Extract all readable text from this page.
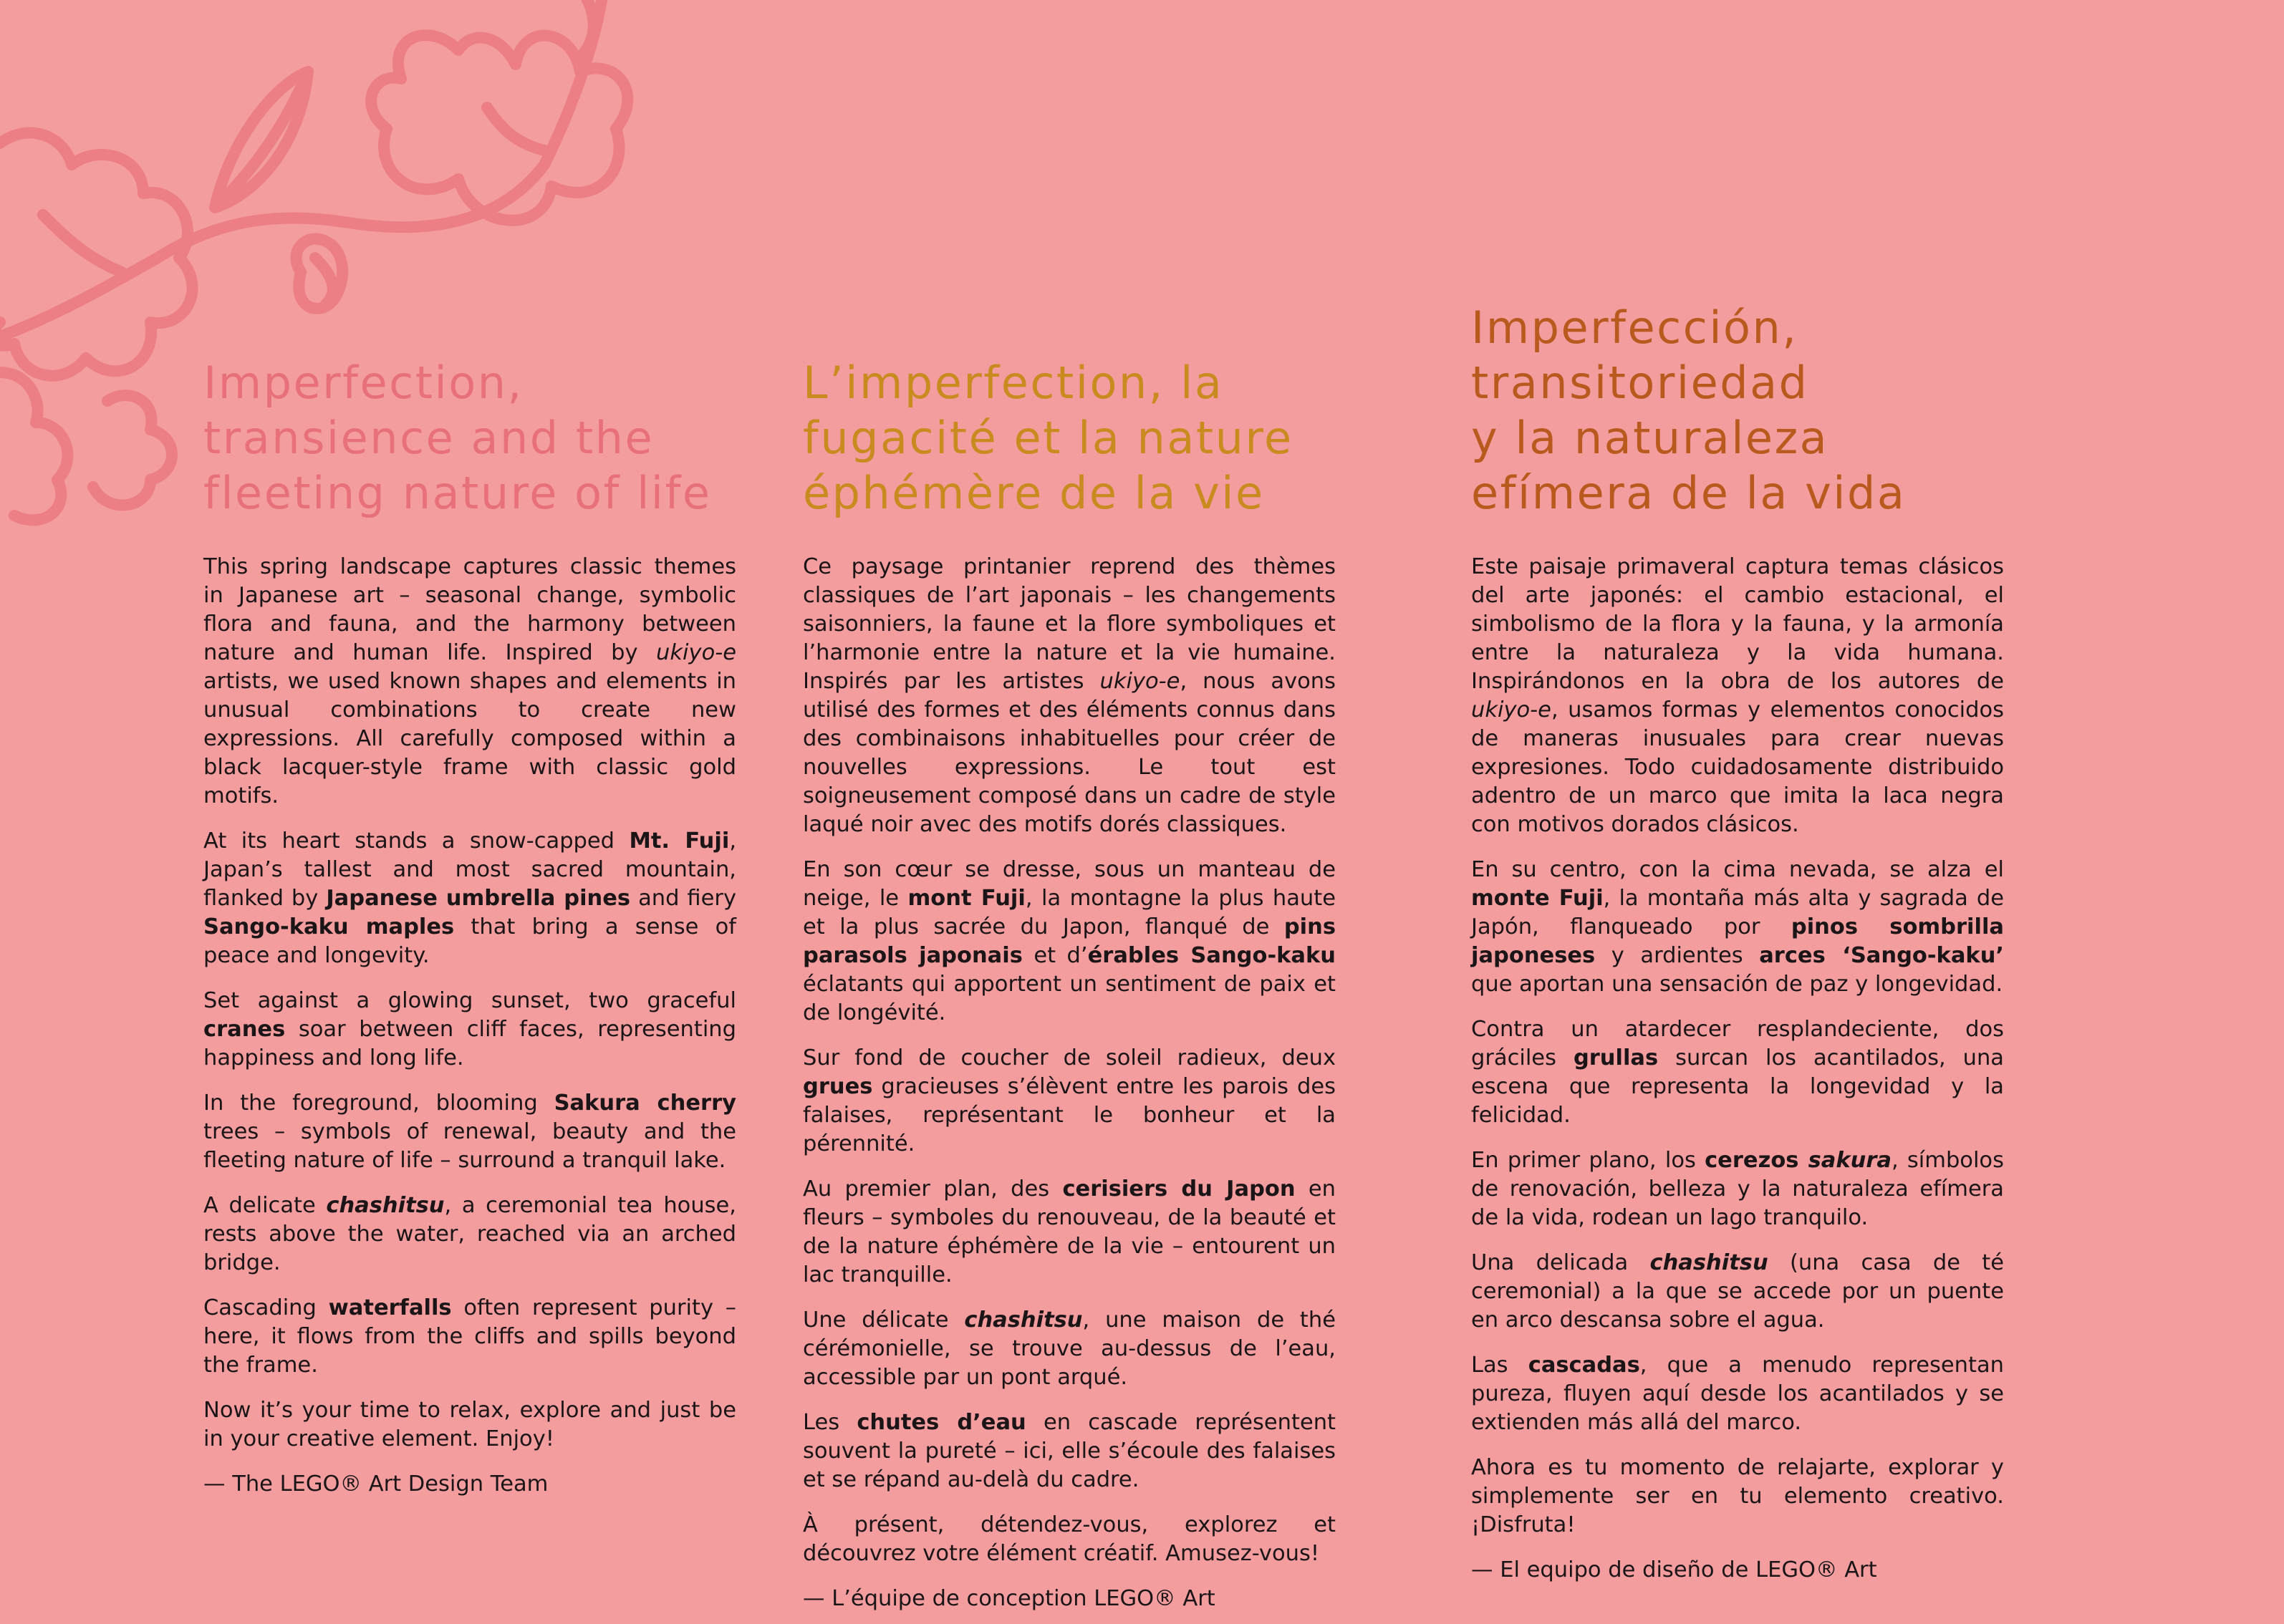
Imperfection,
transience and the
fleeting nature of life

This spring landscape captures classic themes in Japanese art – seasonal change, symbolic flora and fauna, and the harmony between nature and human life. Inspired by ukiyo-e artists, we used known shapes and elements in unusual combinations to create new expressions. All carefully composed within a black lacquer-style frame with classic gold motifs.

At its heart stands a snow-capped Mt. Fuji, Japan’s tallest and most sacred mountain, flanked by Japanese umbrella pines and fiery Sango-kaku maples that bring a sense of peace and longevity.

Set against a glowing sunset, two graceful cranes soar between cliff faces, representing happiness and long life.

In the foreground, blooming Sakura cherry trees – symbols of renewal, beauty and the fleeting nature of life – surround a tranquil lake.

A delicate chashitsu, a ceremonial tea house, rests above the water, reached via an arched bridge.

Cascading waterfalls often represent purity – here, it flows from the cliffs and spills beyond the frame.

Now it’s your time to relax, explore and just be in your creative element. Enjoy!

— The LEGO® Art Design Team

L’imperfection, la
fugacité et la nature
éphémère de la vie

Ce paysage printanier reprend des thèmes classiques de l’art japonais – les changements saisonniers, la faune et la flore symboliques et l’harmonie entre la nature et la vie humaine. Inspirés par les artistes ukiyo-e, nous avons utilisé des formes et des éléments connus dans des combinaisons inhabituelles pour créer de nouvelles expressions. Le tout est soigneusement composé dans un cadre de style laqué noir avec des motifs dorés classiques.

En son cœur se dresse, sous un manteau de neige, le mont Fuji, la montagne la plus haute et la plus sacrée du Japon, flanqué de pins parasols japonais et d’érables Sango-kaku éclatants qui apportent un sentiment de paix et de longévité.

Sur fond de coucher de soleil radieux, deux grues gracieuses s’élèvent entre les parois des falaises, représentant le bonheur et la pérennité.

Au premier plan, des cerisiers du Japon en fleurs – symboles du renouveau, de la beauté et de la nature éphémère de la vie – entourent un lac tranquille.

Une délicate chashitsu, une maison de thé cérémonielle, se trouve au-dessus de l’eau, accessible par un pont arqué.

Les chutes d’eau en cascade représentent souvent la pureté – ici, elle s’écoule des falaises et se répand au-delà du cadre.

À présent, détendez-vous, explorez et découvrez votre élément créatif. Amusez-vous!

— L’équipe de conception LEGO® Art

Imperfección,
transitoriedad
y la naturaleza
efímera de la vida

Este paisaje primaveral captura temas clásicos del arte japonés: el cambio estacional, el simbolismo de la flora y la fauna, y la armonía entre la naturaleza y la vida humana. Inspirándonos en la obra de los autores de ukiyo-e, usamos formas y elementos conocidos de maneras inusuales para crear nuevas expresiones. Todo cuidadosamente distribuido adentro de un marco que imita la laca negra con motivos dorados clásicos.

En su centro, con la cima nevada, se alza el monte Fuji, la montaña más alta y sagrada de Japón, flanqueado por pinos sombrilla japoneses y ardientes arces ‘Sango-kaku’ que aportan una sensación de paz y longevidad.

Contra un atardecer resplandeciente, dos gráciles grullas surcan los acantilados, una escena que representa la longevidad y la felicidad.

En primer plano, los cerezos sakura, símbolos de renovación, belleza y la naturaleza efímera de la vida, rodean un lago tranquilo.

Una delicada chashitsu (una casa de té ceremonial) a la que se accede por un puente en arco descansa sobre el agua.

Las cascadas, que a menudo representan pureza, fluyen aquí desde los acantilados y se extienden más allá del marco.

Ahora es tu momento de relajarte, explorar y simplemente ser en tu elemento creativo. ¡Disfruta!

— El equipo de diseño de LEGO® Art
